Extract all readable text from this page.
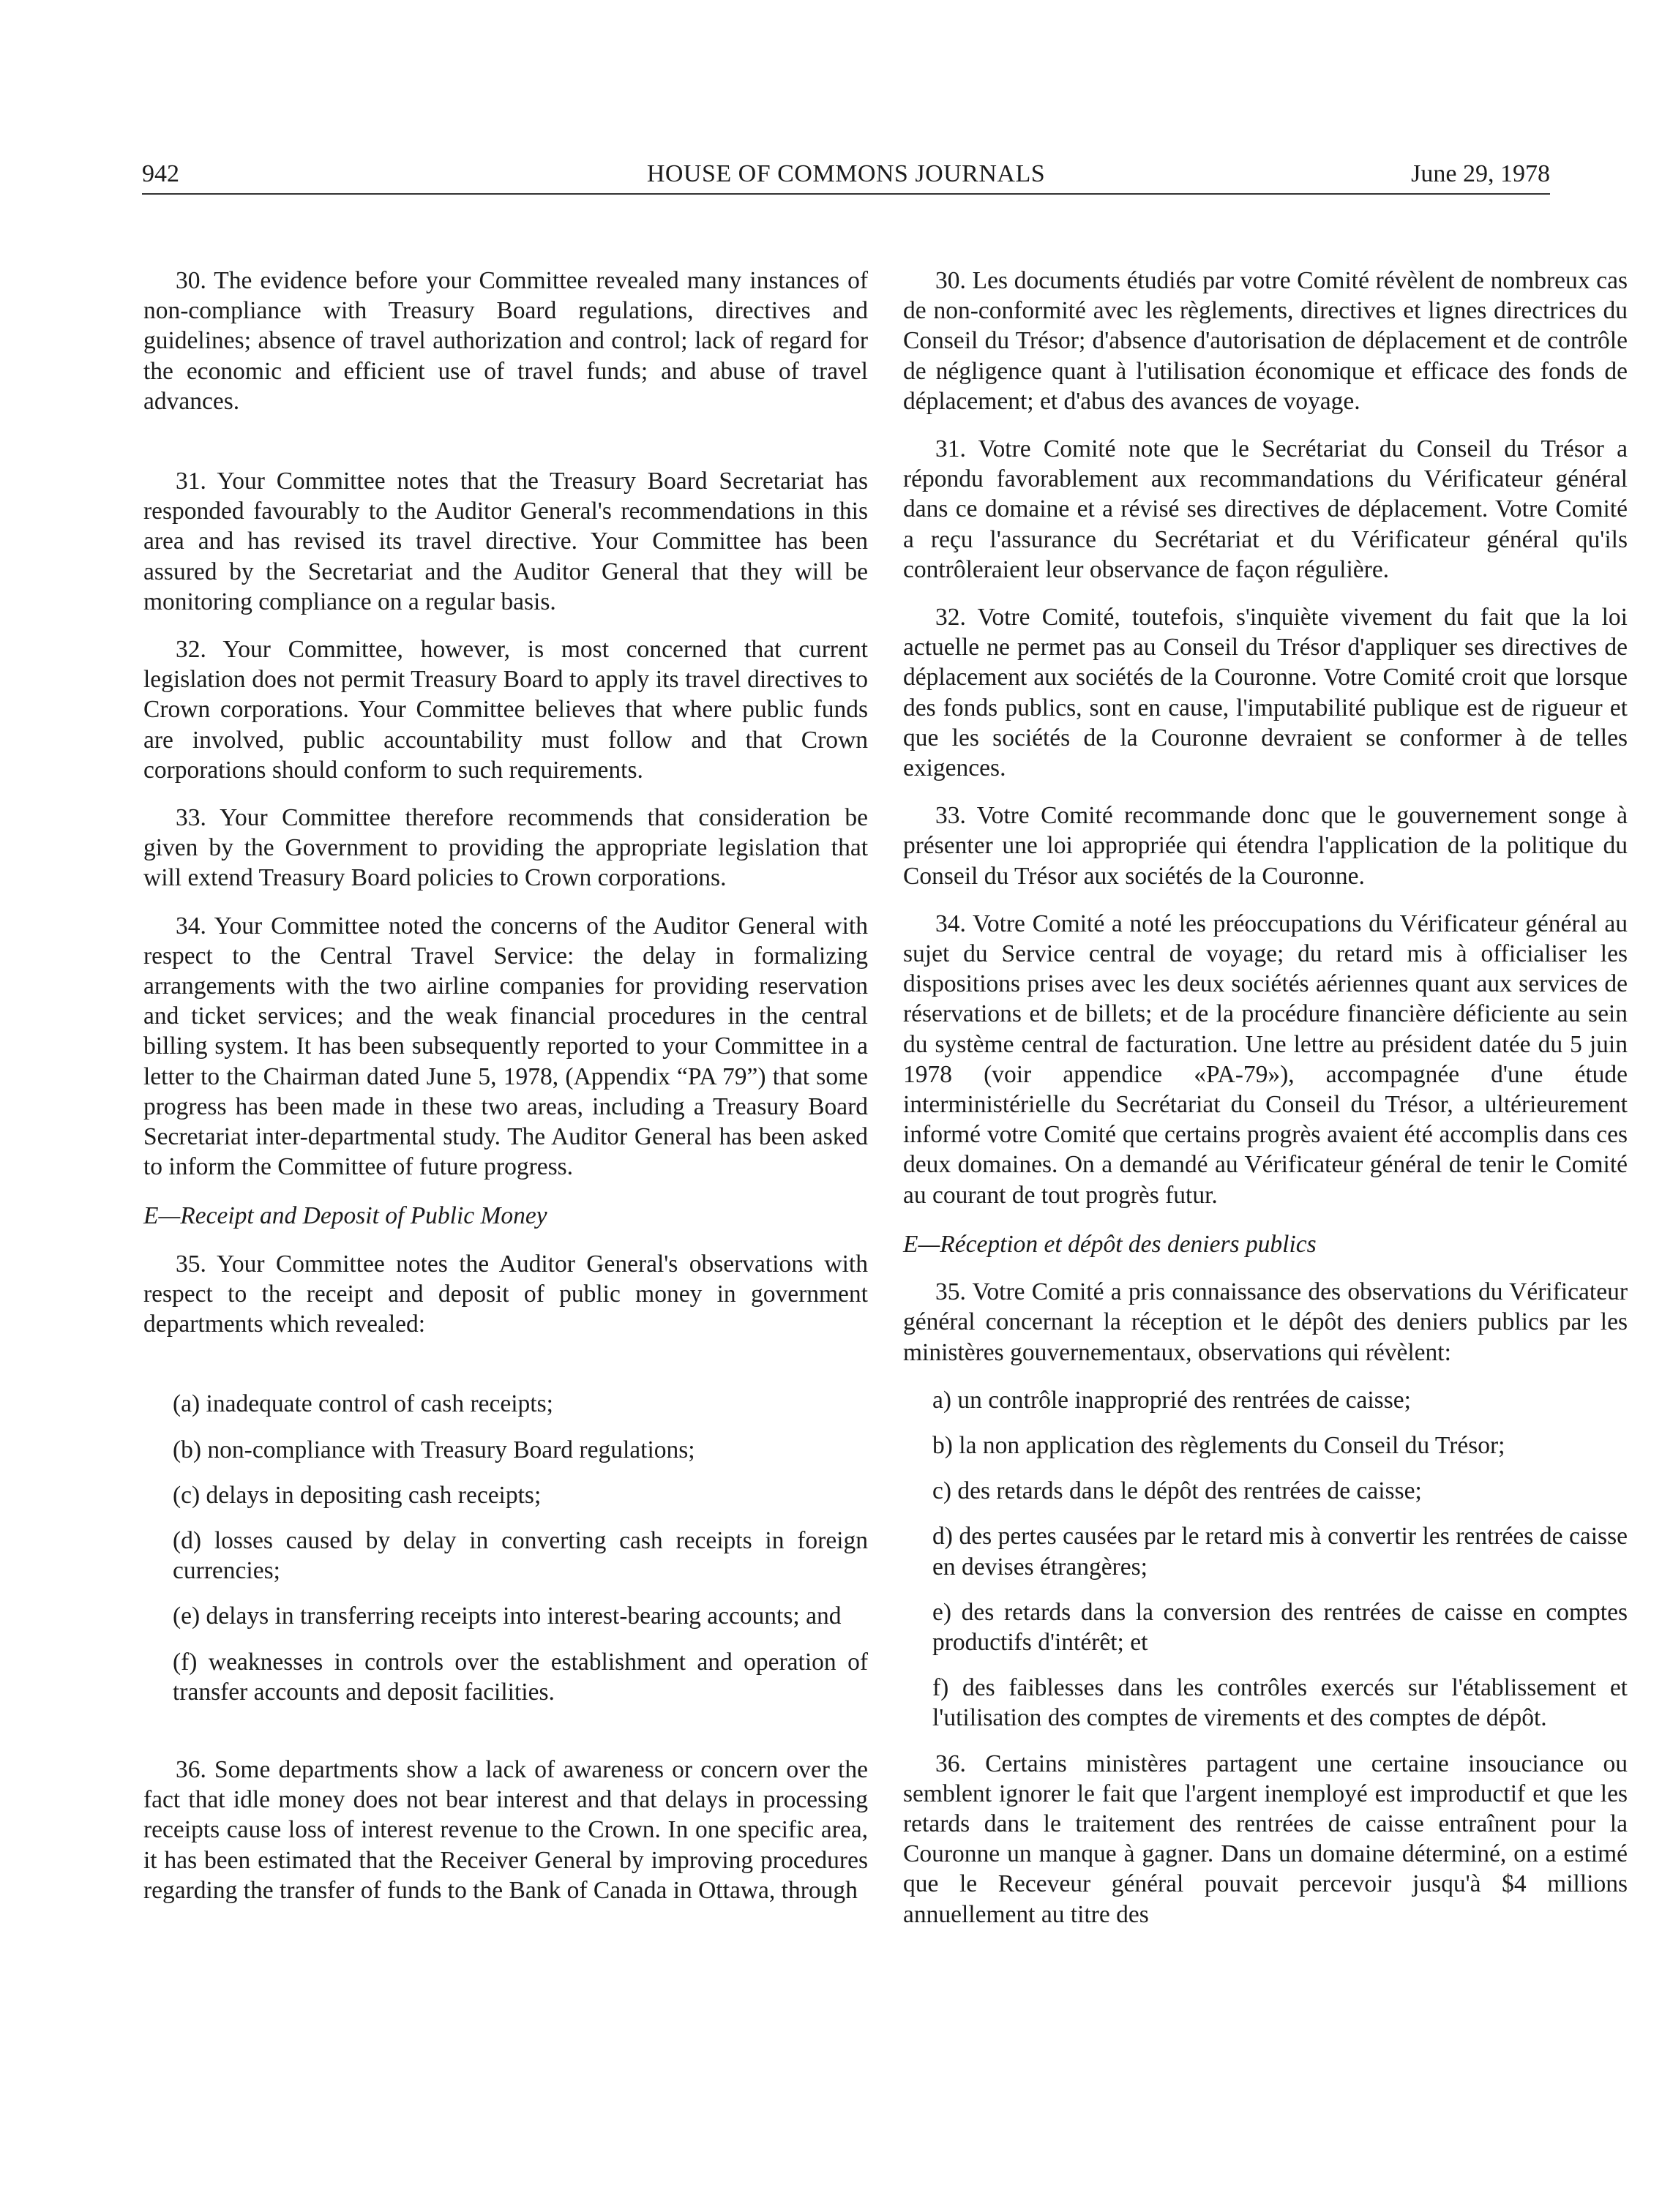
942	HOUSE OF COMMONS JOURNALS	June 29, 1978

30. The evidence before your Committee revealed many instances of non-compliance with Treasury Board regulations, directives and guidelines; absence of travel authorization and control; lack of regard for the economic and efficient use of travel funds; and abuse of travel advances.

31. Your Committee notes that the Treasury Board Secretariat has responded favourably to the Auditor General's recommendations in this area and has revised its travel directive. Your Committee has been assured by the Secretariat and the Auditor General that they will be monitoring compliance on a regular basis.

32. Your Committee, however, is most concerned that current legislation does not permit Treasury Board to apply its travel directives to Crown corporations. Your Committee believes that where public funds are involved, public accountability must follow and that Crown corporations should conform to such requirements.

33. Your Committee therefore recommends that consideration be given by the Government to providing the appropriate legislation that will extend Treasury Board policies to Crown corporations.

34. Your Committee noted the concerns of the Auditor General with respect to the Central Travel Service: the delay in formalizing arrangements with the two airline companies for providing reservation and ticket services; and the weak financial procedures in the central billing system. It has been subsequently reported to your Committee in a letter to the Chairman dated June 5, 1978, (Appendix “PA 79”) that some progress has been made in these two areas, including a Treasury Board Secretariat inter-departmental study. The Auditor General has been asked to inform the Committee of future progress.

E—Receipt and Deposit of Public Money

35. Your Committee notes the Auditor General's observations with respect to the receipt and deposit of public money in government departments which revealed:

(a) inadequate control of cash receipts;

(b) non-compliance with Treasury Board regulations;

(c) delays in depositing cash receipts;

(d) losses caused by delay in converting cash receipts in foreign currencies;

(e) delays in transferring receipts into interest-bearing accounts; and

(f) weaknesses in controls over the establishment and operation of transfer accounts and deposit facilities.

36. Some departments show a lack of awareness or concern over the fact that idle money does not bear interest and that delays in processing receipts cause loss of interest revenue to the Crown. In one specific area, it has been estimated that the Receiver General by improving procedures regarding the transfer of funds to the Bank of Canada in Ottawa, through

30. Les documents étudiés par votre Comité révèlent de nombreux cas de non-conformité avec les règlements, directives et lignes directrices du Conseil du Trésor; d'absence d'autorisation de déplacement et de contrôle de négligence quant à l'utilisation économique et efficace des fonds de déplacement; et d'abus des avances de voyage.

31. Votre Comité note que le Secrétariat du Conseil du Trésor a répondu favorablement aux recommandations du Vérificateur général dans ce domaine et a révisé ses directives de déplacement. Votre Comité a reçu l'assurance du Secrétariat et du Vérificateur général qu'ils contrôleraient leur observance de façon régulière.

32. Votre Comité, toutefois, s'inquiète vivement du fait que la loi actuelle ne permet pas au Conseil du Trésor d'appliquer ses directives de déplacement aux sociétés de la Couronne. Votre Comité croit que lorsque des fonds publics, sont en cause, l'imputabilité publique est de rigueur et que les sociétés de la Couronne devraient se conformer à de telles exigences.

33. Votre Comité recommande donc que le gouvernement songe à présenter une loi appropriée qui étendra l'application de la politique du Conseil du Trésor aux sociétés de la Couronne.

34. Votre Comité a noté les préoccupations du Vérificateur général au sujet du Service central de voyage; du retard mis à officialiser les dispositions prises avec les deux sociétés aériennes quant aux services de réservations et de billets; et de la procédure financière déficiente au sein du système central de facturation. Une lettre au président datée du 5 juin 1978 (voir appendice «PA-79»), accompagnée d'une étude interministérielle du Secrétariat du Conseil du Trésor, a ultérieurement informé votre Comité que certains progrès avaient été accomplis dans ces deux domaines. On a demandé au Vérificateur général de tenir le Comité au courant de tout progrès futur.

E—Réception et dépôt des deniers publics

35. Votre Comité a pris connaissance des observations du Vérificateur général concernant la réception et le dépôt des deniers publics par les ministères gouvernementaux, observations qui révèlent:

a) un contrôle inapproprié des rentrées de caisse;

b) la non application des règlements du Conseil du Trésor;

c) des retards dans le dépôt des rentrées de caisse;

d) des pertes causées par le retard mis à convertir les rentrées de caisse en devises étrangères;

e) des retards dans la conversion des rentrées de caisse en comptes productifs d'intérêt; et

f) des faiblesses dans les contrôles exercés sur l'établissement et l'utilisation des comptes de virements et des comptes de dépôt.

36. Certains ministères partagent une certaine insouciance ou semblent ignorer le fait que l'argent inemployé est improductif et que les retards dans le traitement des rentrées de caisse entraînent pour la Couronne un manque à gagner. Dans un domaine déterminé, on a estimé que le Receveur général pouvait percevoir jusqu'à $4 millions annuellement au titre des
